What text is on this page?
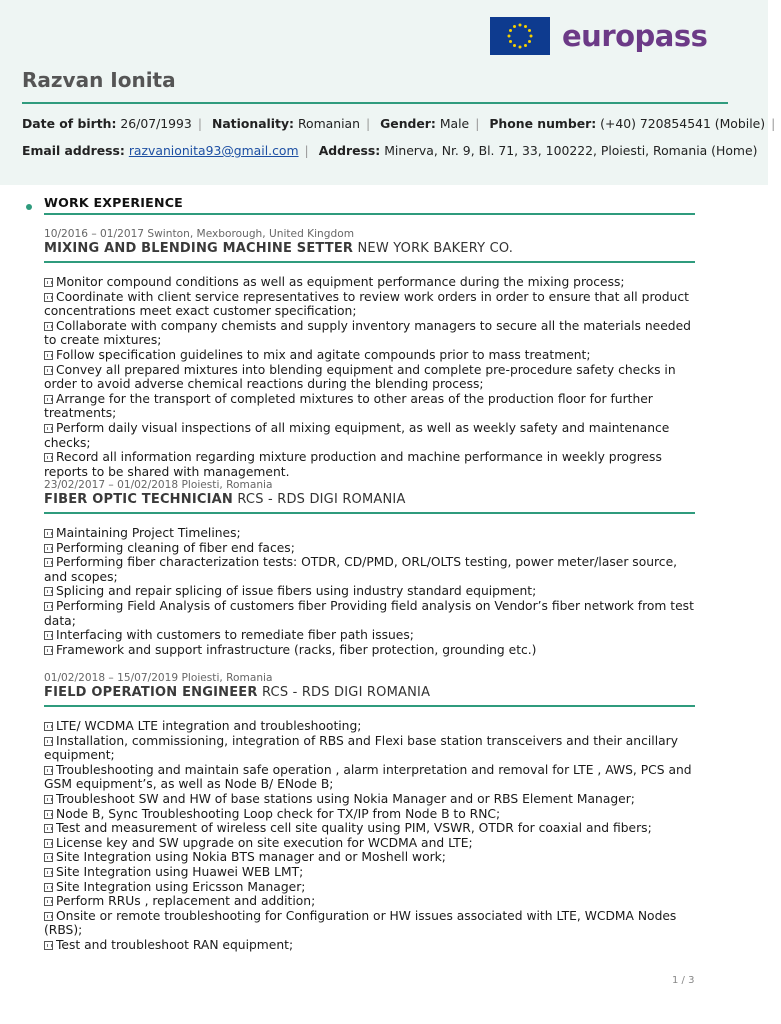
europass
Razvan Ionita
Date of birth: 26/07/1993 | Nationality: Romanian | Gender: Male | Phone number: (+40) 720854541 (Mobile) |
Email address: razvanionita93@gmail.com | Address: Minerva, Nr. 9, Bl. 71, 33, 100222, Ploiesti, Romania (Home)
WORK EXPERIENCE
10/2016 – 01/2017 Swinton, Mexborough, United Kingdom
MIXING AND BLENDING MACHINE SETTER NEW YORK BAKERY CO.
Monitor compound conditions as well as equipment performance during the mixing process;
Coordinate with client service representatives to review work orders in order to ensure that all product concentrations meet exact customer specification;
Collaborate with company chemists and supply inventory managers to secure all the materials needed to create mixtures;
Follow specification guidelines to mix and agitate compounds prior to mass treatment;
Convey all prepared mixtures into blending equipment and complete pre-procedure safety checks in order to avoid adverse chemical reactions during the blending process;
Arrange for the transport of completed mixtures to other areas of the production floor for further treatments;
Perform daily visual inspections of all mixing equipment, as well as weekly safety and maintenance checks;
Record all information regarding mixture production and machine performance in weekly progress reports to be shared with management.
23/02/2017 – 01/02/2018 Ploiesti, Romania
FIBER OPTIC TECHNICIAN RCS - RDS DIGI ROMANIA
Maintaining Project Timelines;
Performing cleaning of fiber end faces;
Performing fiber characterization tests: OTDR, CD/PMD, ORL/OLTS testing, power meter/laser source, and scopes;
Splicing and repair splicing of issue fibers using industry standard equipment;
Performing Field Analysis of customers fiber Providing field analysis on Vendor’s fiber network from test data;
Interfacing with customers to remediate fiber path issues;
Framework and support infrastructure (racks, fiber protection, grounding etc.)
01/02/2018 – 15/07/2019 Ploiesti, Romania
FIELD OPERATION ENGINEER RCS - RDS DIGI ROMANIA
LTE/ WCDMA LTE integration and troubleshooting;
Installation, commissioning, integration of RBS and Flexi base station transceivers and their ancillary equipment;
Troubleshooting and maintain safe operation , alarm interpretation and removal for LTE , AWS, PCS and GSM equipment’s, as well as Node B/ ENode B;
Troubleshoot SW and HW of base stations using Nokia Manager and or RBS Element Manager;
Node B, Sync Troubleshooting Loop check for TX/IP from Node B to RNC;
Test and measurement of wireless cell site quality using PIM, VSWR, OTDR for coaxial and fibers;
License key and SW upgrade on site execution for WCDMA and LTE;
Site Integration using Nokia BTS manager and or Moshell work;
Site Integration using Huawei WEB LMT;
Site Integration using Ericsson Manager;
Perform RRUs , replacement and addition;
Onsite or remote troubleshooting for Configuration or HW issues associated with LTE, WCDMA Nodes (RBS);
Test and troubleshoot RAN equipment;
1 / 3
